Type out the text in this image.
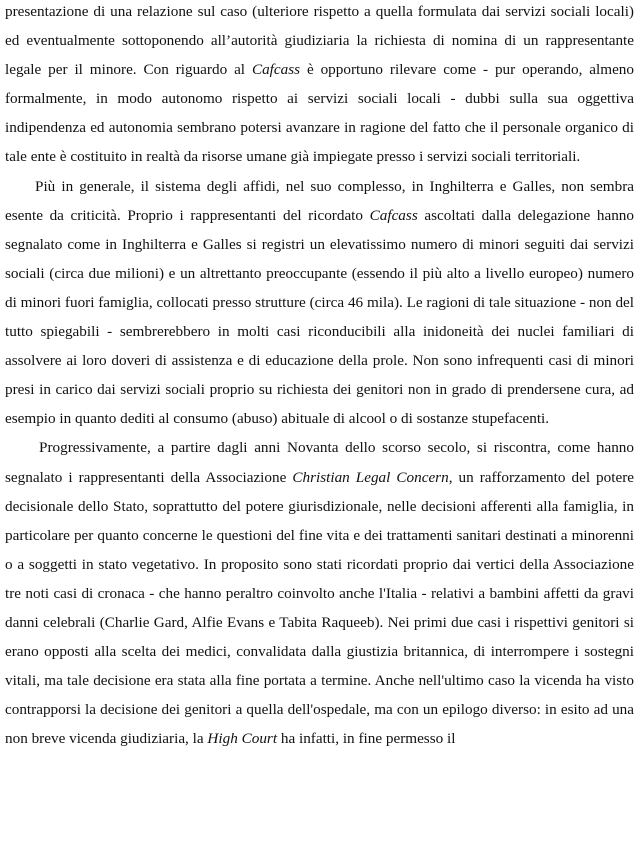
presentazione di una relazione sul caso (ulteriore rispetto a quella formulata dai servizi sociali locali) ed eventualmente sottoponendo all’autorità giudiziaria la richiesta di nomina di un rappresentante legale per il minore. Con riguardo al Cafcass è opportuno rilevare come - pur operando, almeno formalmente, in modo autonomo rispetto ai servizi sociali locali - dubbi sulla sua oggettiva indipendenza ed autonomia sembrano potersi avanzare in ragione del fatto che il personale organico di tale ente è costituito in realtà da risorse umane già impiegate presso i servizi sociali territoriali.

Più in generale, il sistema degli affidi, nel suo complesso, in Inghilterra e Galles, non sembra esente da criticità. Proprio i rappresentanti del ricordato Cafcass ascoltati dalla delegazione hanno segnalato come in Inghilterra e Galles si registri un elevatissimo numero di minori seguiti dai servizi sociali (circa due milioni) e un altrettanto preoccupante (essendo il più alto a livello europeo) numero di minori fuori famiglia, collocati presso strutture (circa 46 mila). Le ragioni di tale situazione - non del tutto spiegabili - sembrerebbero in molti casi riconducibili alla inidoneità dei nuclei familiari di assolvere ai loro doveri di assistenza e di educazione della prole. Non sono infrequenti casi di minori presi in carico dai servizi sociali proprio su richiesta dei genitori non in grado di prendersene cura, ad esempio in quanto dediti al consumo (abuso) abituale di alcool o di sostanze stupefacenti.

Progressivamente, a partire dagli anni Novanta dello scorso secolo, si riscontra, come hanno segnalato i rappresentanti della Associazione Christian Legal Concern, un rafforzamento del potere decisionale dello Stato, soprattutto del potere giurisdizionale, nelle decisioni afferenti alla famiglia, in particolare per quanto concerne le questioni del fine vita e dei trattamenti sanitari destinati a minorenni o a soggetti in stato vegetativo. In proposito sono stati ricordati proprio dai vertici della Associazione tre noti casi di cronaca - che hanno peraltro coinvolto anche l'Italia - relativi a bambini affetti da gravi danni celebrali (Charlie Gard, Alfie Evans e Tabita Raqueeb). Nei primi due casi i rispettivi genitori si erano opposti alla scelta dei medici, convalidata dalla giustizia britannica, di interrompere i sostegni vitali, ma tale decisione era stata alla fine portata a termine. Anche nell'ultimo caso la vicenda ha visto contrapporsi la decisione dei genitori a quella dell'ospedale, ma con un epilogo diverso: in esito ad una non breve vicenda giudiziaria, la High Court ha infatti, in fine permesso il
